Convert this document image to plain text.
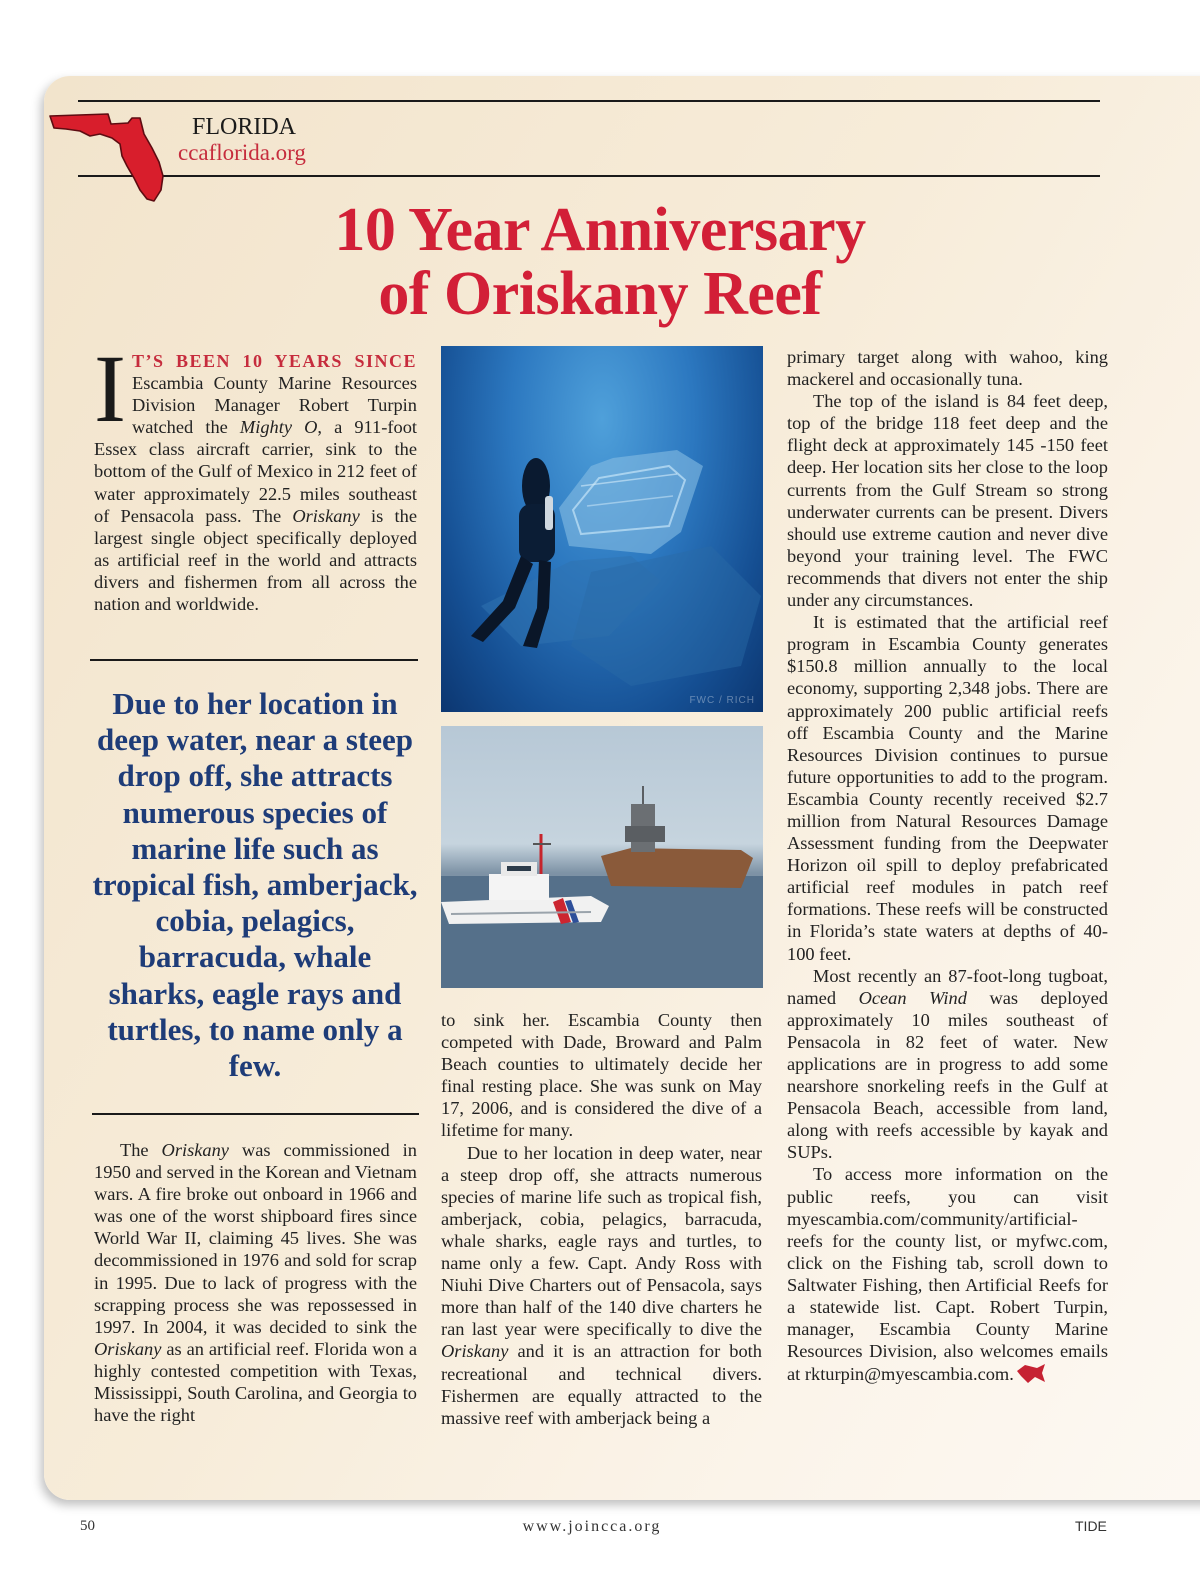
FLORIDA
ccaflorida.org
10 Year Anniversary
of Oriskany Reef

I T’S BEEN 10 YEARS SINCE Escambia County Marine Resources Division Manager Robert Turpin watched the Mighty O, a 911-foot Essex class aircraft carrier, sink to the bottom of the Gulf of Mexico in 212 feet of water approximately 22.5 miles southeast of Pensacola pass. The Oriskany is the largest single object specifically deployed as artificial reef in the world and attracts divers and fishermen from all across the nation and worldwide.

Due to her location in deep water, near a steep drop off, she attracts numerous species of marine life such as tropical fish, amberjack, cobia, pelagics, barracuda, whale sharks, eagle rays and turtles, to name only a few.

The Oriskany was commissioned in 1950 and served in the Korean and Vietnam wars. A fire broke out onboard in 1966 and was one of the worst shipboard fires since World War II, claiming 45 lives. She was decommissioned in 1976 and sold for scrap in 1995. Due to lack of progress with the scrapping process she was repossessed in 1997. In 2004, it was decided to sink the Oriskany as an artificial reef. Florida won a highly contested competition with Texas, Mississippi, South Carolina, and Georgia to have the right

FWC / RICH

to sink her. Escambia County then competed with Dade, Broward and Palm Beach counties to ultimately decide her final resting place. She was sunk on May 17, 2006, and is considered the dive of a lifetime for many.

Due to her location in deep water, near a steep drop off, she attracts numerous species of marine life such as tropical fish, amberjack, cobia, pelagics, barracuda, whale sharks, eagle rays and turtles, to name only a few. Capt. Andy Ross with Niuhi Dive Charters out of Pensacola, says more than half of the 140 dive charters he ran last year were specifically to dive the Oriskany and it is an attraction for both recreational and technical divers. Fishermen are equally attracted to the massive reef with amberjack being a

primary target along with wahoo, king mackerel and occasionally tuna.

The top of the island is 84 feet deep, top of the bridge 118 feet deep and the flight deck at approximately 145 -150 feet deep. Her location sits her close to the loop currents from the Gulf Stream so strong underwater currents can be present. Divers should use extreme caution and never dive beyond your training level. The FWC recommends that divers not enter the ship under any circumstances.

It is estimated that the artificial reef program in Escambia County generates $150.8 million annually to the local economy, supporting 2,348 jobs. There are approximately 200 public artificial reefs off Escambia County and the Marine Resources Division continues to pursue future opportunities to add to the program. Escambia County recently received $2.7 million from Natural Resources Damage Assessment funding from the Deepwater Horizon oil spill to deploy prefabricated artificial reef modules in patch reef formations. These reefs will be constructed in Florida’s state waters at depths of 40-100 feet.

Most recently an 87-foot-long tugboat, named Ocean Wind was deployed approximately 10 miles southeast of Pensacola in 82 feet of water. New applications are in progress to add some nearshore snorkeling reefs in the Gulf at Pensacola Beach, accessible from land, along with reefs accessible by kayak and SUPs.

To access more information on the public reefs, you can visit myescambia.com/community/artificial-reefs for the county list, or myfwc.com, click on the Fishing tab, scroll down to Saltwater Fishing, then Artificial Reefs for a statewide list. Capt. Robert Turpin, manager, Escambia County Marine Resources Division, also welcomes emails at rkturpin@myescambia.com.

50	www.joincca.org	TIDE
